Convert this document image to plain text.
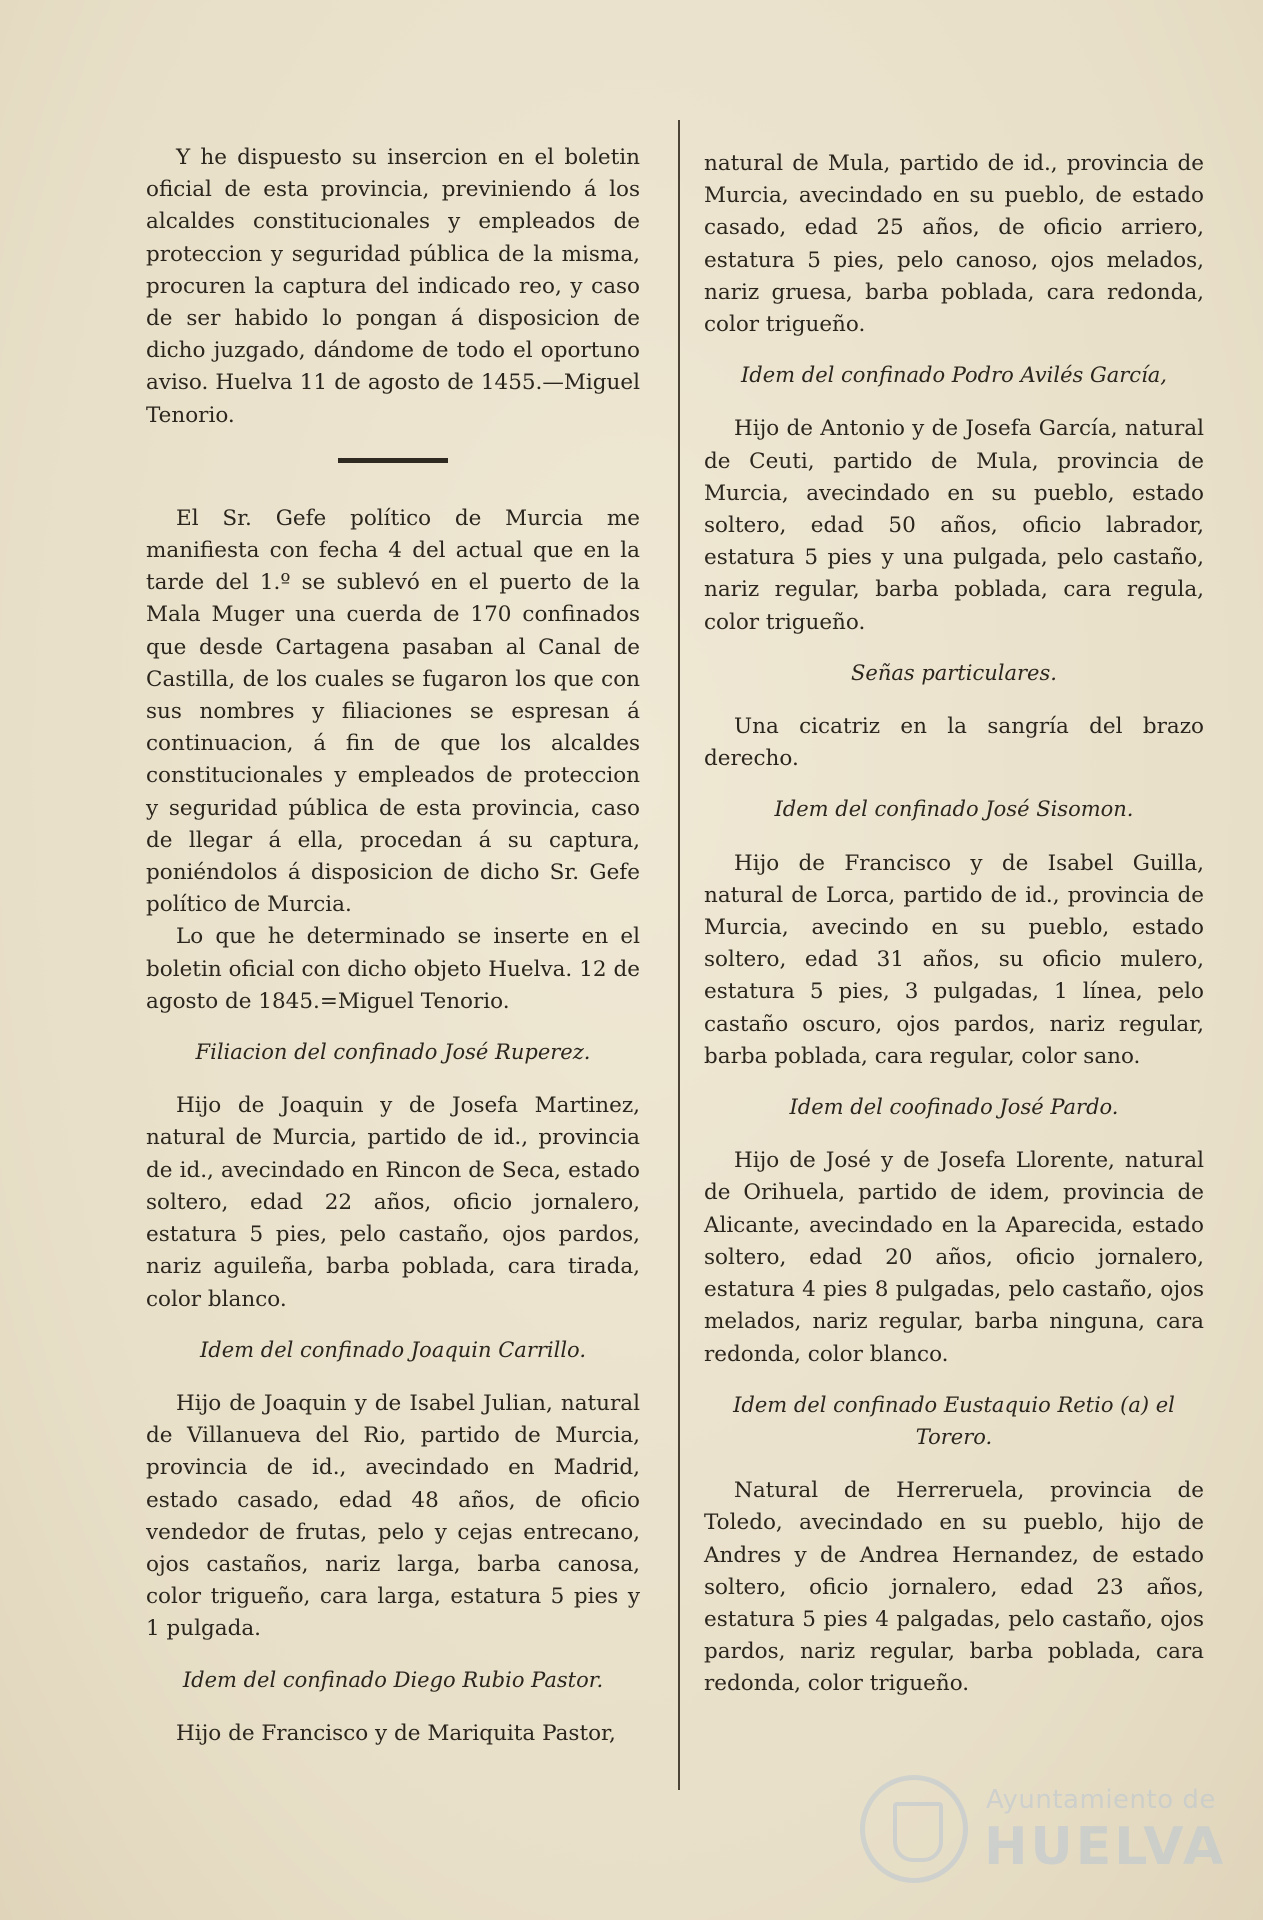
Y he dispuesto su insercion en el boletin oficial de esta provincia, previniendo á los alcaldes constitucionales y empleados de proteccion y seguridad pública de la misma, procuren la captura del indicado reo, y caso de ser habido lo pongan á disposicion de dicho juzgado, dándome de todo el oportuno aviso. Huelva 11 de agosto de 1455.—Miguel Tenorio.

El Sr. Gefe político de Murcia me manifiesta con fecha 4 del actual que en la tarde del 1.º se sublevó en el puerto de la Mala Muger una cuerda de 170 confinados que desde Cartagena pasaban al Canal de Castilla, de los cuales se fugaron los que con sus nombres y filiaciones se espresan á continuacion, á fin de que los alcaldes constitucionales y empleados de proteccion y seguridad pública de esta provincia, caso de llegar á ella, procedan á su captura, poniéndolos á disposicion de dicho Sr. Gefe político de Murcia.

Lo que he determinado se inserte en el boletin oficial con dicho objeto Huelva. 12 de agosto de 1845.=Miguel Tenorio.

Filiacion del confinado José Ruperez.

Hijo de Joaquin y de Josefa Martinez, natural de Murcia, partido de id., provincia de id., avecindado en Rincon de Seca, estado soltero, edad 22 años, oficio jornalero, estatura 5 pies, pelo castaño, ojos pardos, nariz aguileña, barba poblada, cara tirada, color blanco.

Idem del confinado Joaquin Carrillo.

Hijo de Joaquin y de Isabel Julian, natural de Villanueva del Rio, partido de Murcia, provincia de id., avecindado en Madrid, estado casado, edad 48 años, de oficio vendedor de frutas, pelo y cejas entrecano, ojos castaños, nariz larga, barba canosa, color trigueño, cara larga, estatura 5 pies y 1 pulgada.

Idem del confinado Diego Rubio Pastor.

Hijo de Francisco y de Mariquita Pastor,

natural de Mula, partido de id., provincia de Murcia, avecindado en su pueblo, de estado casado, edad 25 años, de oficio arriero, estatura 5 pies, pelo canoso, ojos melados, nariz gruesa, barba poblada, cara redonda, color trigueño.

Idem del confinado Podro Avilés García,

Hijo de Antonio y de Josefa García, natural de Ceuti, partido de Mula, provincia de Murcia, avecindado en su pueblo, estado soltero, edad 50 años, oficio labrador, estatura 5 pies y una pulgada, pelo castaño, nariz regular, barba poblada, cara regula, color trigueño.

Señas particulares.

Una cicatriz en la sangría del brazo derecho.

Idem del confinado José Sisomon.

Hijo de Francisco y de Isabel Guilla, natural de Lorca, partido de id., provincia de Murcia, avecindo en su pueblo, estado soltero, edad 31 años, su oficio mulero, estatura 5 pies, 3 pulgadas, 1 línea, pelo castaño oscuro, ojos pardos, nariz regular, barba poblada, cara regular, color sano.

Idem del coofinado José Pardo.

Hijo de José y de Josefa Llorente, natural de Orihuela, partido de idem, provincia de Alicante, avecindado en la Aparecida, estado soltero, edad 20 años, oficio jornalero, estatura 4 pies 8 pulgadas, pelo castaño, ojos melados, nariz regular, barba ninguna, cara redonda, color blanco.

Idem del confinado Eustaquio Retio (a) el Torero.

Natural de Herreruela, provincia de Toledo, avecindado en su pueblo, hijo de Andres y de Andrea Hernandez, de estado soltero, oficio jornalero, edad 23 años, estatura 5 pies 4 palgadas, pelo castaño, ojos pardos, nariz regular, barba poblada, cara redonda, color trigueño.

Ayuntamiento de
HUELVA
